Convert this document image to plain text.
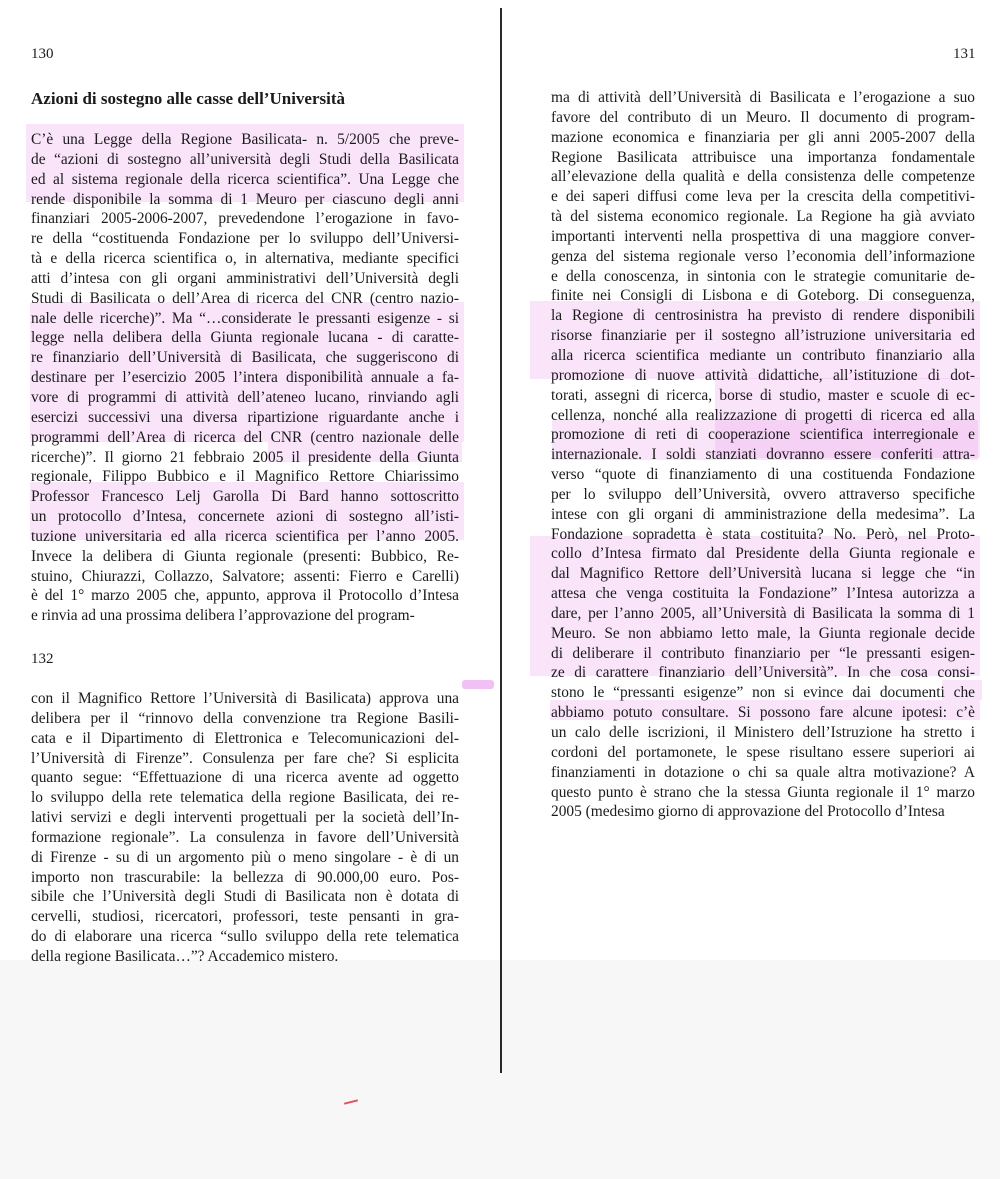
130	131
132
Azioni di sostegno alle casse dell’Università
C’è una Legge della Regione Basilicata- n. 5/2005 che preve-
de “azioni di sostegno all’università degli Studi della Basilicata
ed al sistema regionale della ricerca scientifica”. Una Legge che
rende disponibile la somma di 1 Meuro per ciascuno degli anni
finanziari 2005-2006-2007, prevedendone l’erogazione in favo-
re della “costituenda Fondazione per lo sviluppo dell’Universi-
tà e della ricerca scientifica o, in alternativa, mediante specifici
atti d’intesa con gli organi amministrativi dell’Università degli
Studi di Basilicata o dell’Area di ricerca del CNR (centro nazio-
nale delle ricerche)”. Ma “…considerate le pressanti esigenze - si
legge nella delibera della Giunta regionale lucana - di caratte-
re finanziario dell’Università di Basilicata, che suggeriscono di
destinare per l’esercizio 2005 l’intera disponibilità annuale a fa-
vore di programmi di attività dell’ateneo lucano, rinviando agli
esercizi successivi una diversa ripartizione riguardante anche i
programmi dell’Area di ricerca del CNR (centro nazionale delle
ricerche)”. Il giorno 21 febbraio 2005 il presidente della Giunta
regionale, Filippo Bubbico e il Magnifico Rettore Chiarissimo
Professor Francesco Lelj Garolla Di Bard hanno sottoscritto
un protocollo d’Intesa, concernete azioni di sostegno all’isti-
tuzione universitaria ed alla ricerca scientifica per l’anno 2005.
Invece la delibera di Giunta regionale (presenti: Bubbico, Re-
stuino, Chiurazzi, Collazzo, Salvatore; assenti: Fierro e Carelli)
è del 1° marzo 2005 che, appunto, approva il Protocollo d’Intesa
e rinvia ad una prossima delibera l’approvazione del program-
con il Magnifico Rettore l’Università di Basilicata) approva una
delibera per il “rinnovo della convenzione tra Regione Basili-
cata e il Dipartimento di Elettronica e Telecomunicazioni del-
l’Università di Firenze”. Consulenza per fare che? Si esplicita
quanto segue: “Effettuazione di una ricerca avente ad oggetto
lo sviluppo della rete telematica della regione Basilicata, dei re-
lativi servizi e degli interventi progettuali per la società dell’In-
formazione regionale”. La consulenza in favore dell’Università
di Firenze - su di un argomento più o meno singolare - è di un
importo non trascurabile: la bellezza di 90.000,00 euro. Pos-
sibile che l’Università degli Studi di Basilicata non è dotata di
cervelli, studiosi, ricercatori, professori, teste pensanti in gra-
do di elaborare una ricerca “sullo sviluppo della rete telematica
della regione Basilicata…”? Accademico mistero.
ma di attività dell’Università di Basilicata e l’erogazione a suo
favore del contributo di un Meuro. Il documento di program-
mazione economica e finanziaria per gli anni 2005-2007 della
Regione Basilicata attribuisce una importanza fondamentale
all’elevazione della qualità e della consistenza delle competenze
e dei saperi diffusi come leva per la crescita della competitivi-
tà del sistema economico regionale. La Regione ha già avviato
importanti interventi nella prospettiva di una maggiore conver-
genza del sistema regionale verso l’economia dell’informazione
e della conoscenza, in sintonia con le strategie comunitarie de-
finite nei Consigli di Lisbona e di Goteborg. Di conseguenza,
la Regione di centrosinistra ha previsto di rendere disponibili
risorse finanziarie per il sostegno all’istruzione universitaria ed
alla ricerca scientifica mediante un contributo finanziario alla
promozione di nuove attività didattiche, all’istituzione di dot-
torati, assegni di ricerca, borse di studio, master e scuole di ec-
cellenza, nonché alla realizzazione di progetti di ricerca ed alla
promozione di reti di cooperazione scientifica interregionale e
internazionale. I soldi stanziati dovranno essere conferiti attra-
verso “quote di finanziamento di una costituenda Fondazione
per lo sviluppo dell’Università, ovvero attraverso specifiche
intese con gli organi di amministrazione della medesima”. La
Fondazione sopradetta è stata costituita? No. Però, nel Proto-
collo d’Intesa firmato dal Presidente della Giunta regionale e
dal Magnifico Rettore dell’Università lucana si legge che “in
attesa che venga costituita la Fondazione” l’Intesa autorizza a
dare, per l’anno 2005, all’Università di Basilicata la somma di 1
Meuro. Se non abbiamo letto male, la Giunta regionale decide
di deliberare il contributo finanziario per “le pressanti esigen-
ze di carattere finanziario dell’Università”. In che cosa consi-
stono le “pressanti esigenze” non si evince dai documenti che
abbiamo potuto consultare. Si possono fare alcune ipotesi: c’è
un calo delle iscrizioni, il Ministero dell’Istruzione ha stretto i
cordoni del portamonete, le spese risultano essere superiori ai
finanziamenti in dotazione o chi sa quale altra motivazione? A
questo punto è strano che la stessa Giunta regionale il 1° marzo
2005 (medesimo giorno di approvazione del Protocollo d’Intesa
